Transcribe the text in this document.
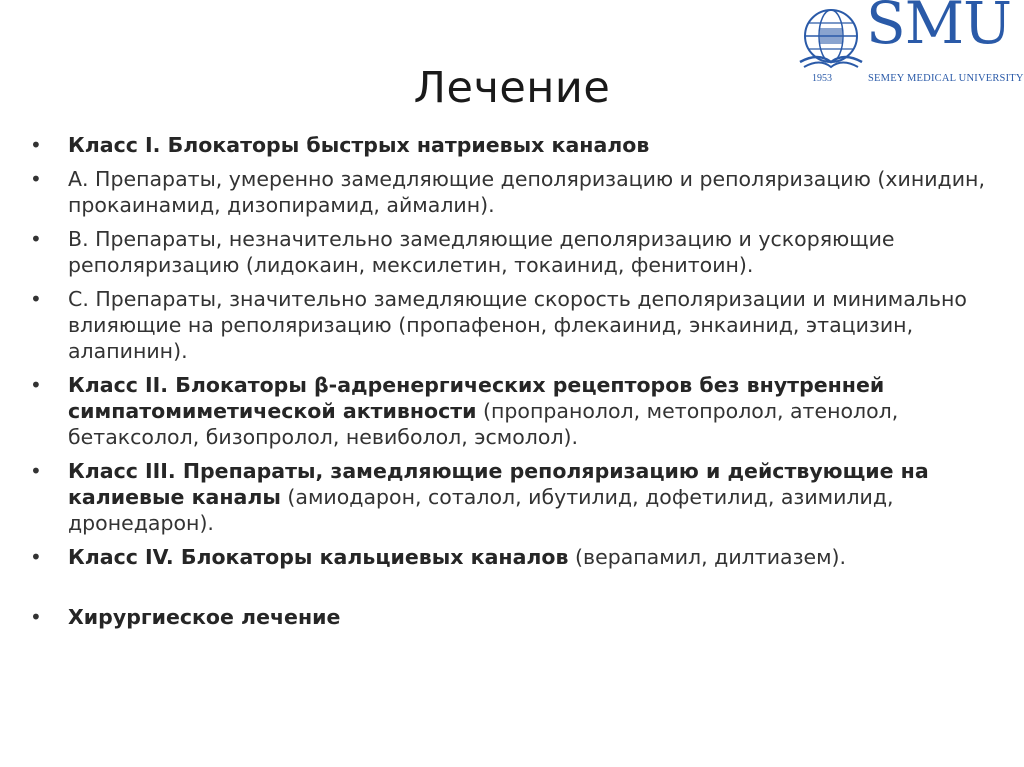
SMU
1953	SEMEY MEDICAL UNIVERSITY
Лечение
• Класс I. Блокаторы быстрых натриевых каналов
• А. Препараты, умеренно замедляющие деполяризацию и реполяризацию (хинидин, прокаинамид, дизопирамид, аймалин).
• В. Препараты, незначительно замедляющие деполяризацию и ускоряющие реполяризацию (лидокаин, мексилетин, токаинид, фенитоин).
• С. Препараты, значительно замедляющие скорость деполяризации и минимально влияющие на реполяризацию (пропафенон, флекаинид, энкаинид, этацизин, алапинин).
• Класс II. Блокаторы β-адренергических рецепторов без внутренней симпатомиметической активности (пропранолол, метопролол, атенолол, бетаксолол, бизопролол, невиболол, эсмолол).
• Класс III. Препараты, замедляющие реполяризацию и действующие на калиевые каналы (амиодарон, соталол, ибутилид, дофетилид, азимилид, дронедарон).
• Класс IV. Блокаторы кальциевых каналов (верапамил, дилтиазем).
• Хирургиеское лечение
